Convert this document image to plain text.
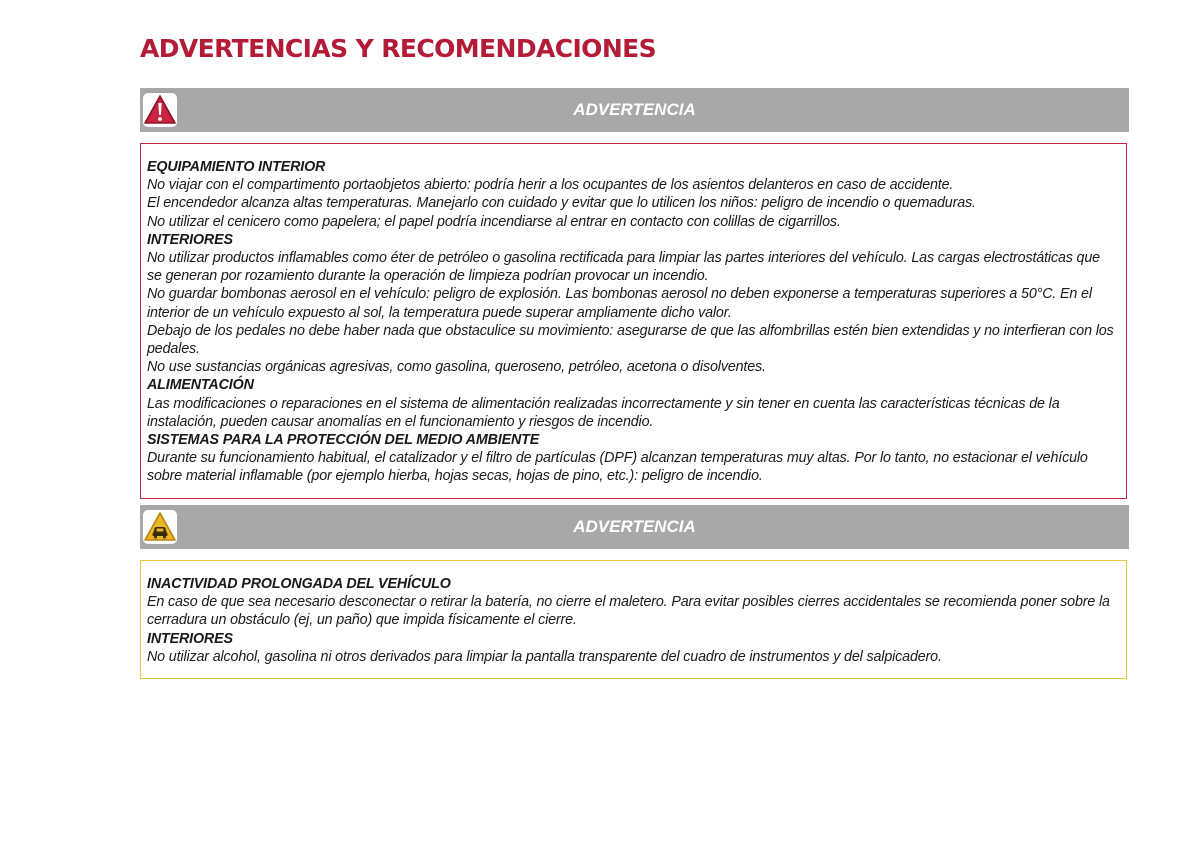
ADVERTENCIAS Y RECOMENDACIONES
ADVERTENCIA

EQUIPAMIENTO INTERIOR

No viajar con el compartimento portaobjetos abierto: podría herir a los ocupantes de los asientos delanteros en caso de accidente.

El encendedor alcanza altas temperaturas. Manejarlo con cuidado y evitar que lo utilicen los niños: peligro de incendio o quemaduras.

No utilizar el cenicero como papelera; el papel podría incendiarse al entrar en contacto con colillas de cigarrillos.

INTERIORES

No utilizar productos inflamables como éter de petróleo o gasolina rectificada para limpiar las partes interiores del vehículo. Las cargas electrostáticas que se generan por rozamiento durante la operación de limpieza podrían provocar un incendio.

No guardar bombonas aerosol en el vehículo: peligro de explosión. Las bombonas aerosol no deben exponerse a temperaturas superiores a 50°C. En el interior de un vehículo expuesto al sol, la temperatura puede superar ampliamente dicho valor.

Debajo de los pedales no debe haber nada que obstaculice su movimiento: asegurarse de que las alfombrillas estén bien extendidas y no interfieran con los pedales.

No use sustancias orgánicas agresivas, como gasolina, queroseno, petróleo, acetona o disolventes.

ALIMENTACIÓN

Las modificaciones o reparaciones en el sistema de alimentación realizadas incorrectamente y sin tener en cuenta las características técnicas de la instalación, pueden causar anomalías en el funcionamiento y riesgos de incendio.

SISTEMAS PARA LA PROTECCIÓN DEL MEDIO AMBIENTE

Durante su funcionamiento habitual, el catalizador y el filtro de partículas (DPF) alcanzan temperaturas muy altas. Por lo tanto, no estacionar el vehículo sobre material inflamable (por ejemplo hierba, hojas secas, hojas de pino, etc.): peligro de incendio.

ADVERTENCIA

INACTIVIDAD PROLONGADA DEL VEHÍCULO

En caso de que sea necesario desconectar o retirar la batería, no cierre el maletero. Para evitar posibles cierres accidentales se recomienda poner sobre la cerradura un obstáculo (ej, un paño) que impida físicamente el cierre.

INTERIORES

No utilizar alcohol, gasolina ni otros derivados para limpiar la pantalla transparente del cuadro de instrumentos y del salpicadero.
